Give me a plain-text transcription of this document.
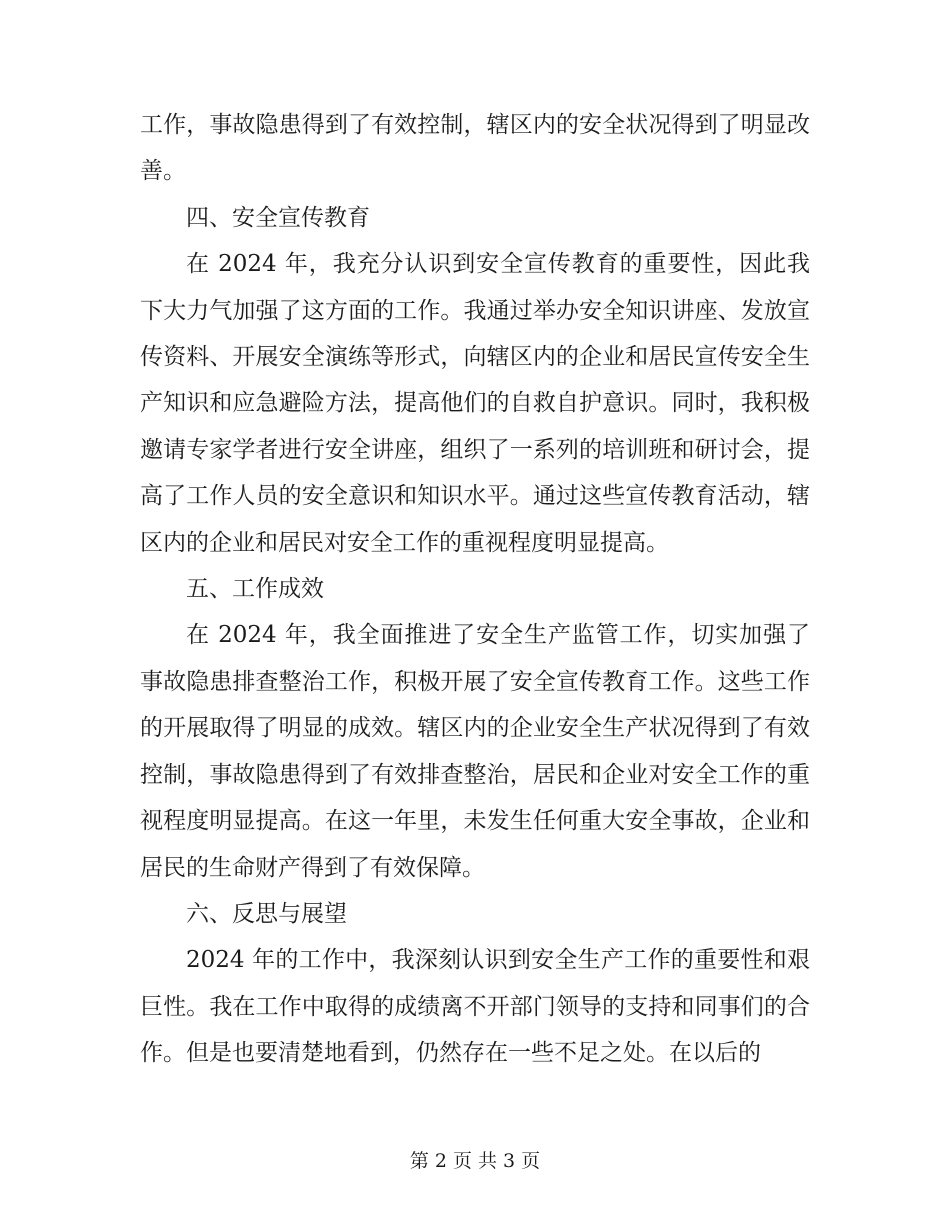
工作，事故隐患得到了有效控制，辖区内的安全状况得到了明显改善。

四、安全宣传教育

在 2024 年，我充分认识到安全宣传教育的重要性，因此我下大力气加强了这方面的工作。我通过举办安全知识讲座、发放宣传资料、开展安全演练等形式，向辖区内的企业和居民宣传安全生产知识和应急避险方法，提高他们的自救自护意识。同时，我积极邀请专家学者进行安全讲座，组织了一系列的培训班和研讨会，提高了工作人员的安全意识和知识水平。通过这些宣传教育活动，辖区内的企业和居民对安全工作的重视程度明显提高。

五、工作成效

在 2024 年，我全面推进了安全生产监管工作，切实加强了事故隐患排查整治工作，积极开展了安全宣传教育工作。这些工作的开展取得了明显的成效。辖区内的企业安全生产状况得到了有效控制，事故隐患得到了有效排查整治，居民和企业对安全工作的重视程度明显提高。在这一年里，未发生任何重大安全事故，企业和居民的生命财产得到了有效保障。

六、反思与展望

2024 年的工作中，我深刻认识到安全生产工作的重要性和艰巨性。我在工作中取得的成绩离不开部门领导的支持和同事们的合作。但是也要清楚地看到，仍然存在一些不足之处。在以后的

第 2 页 共 3 页
